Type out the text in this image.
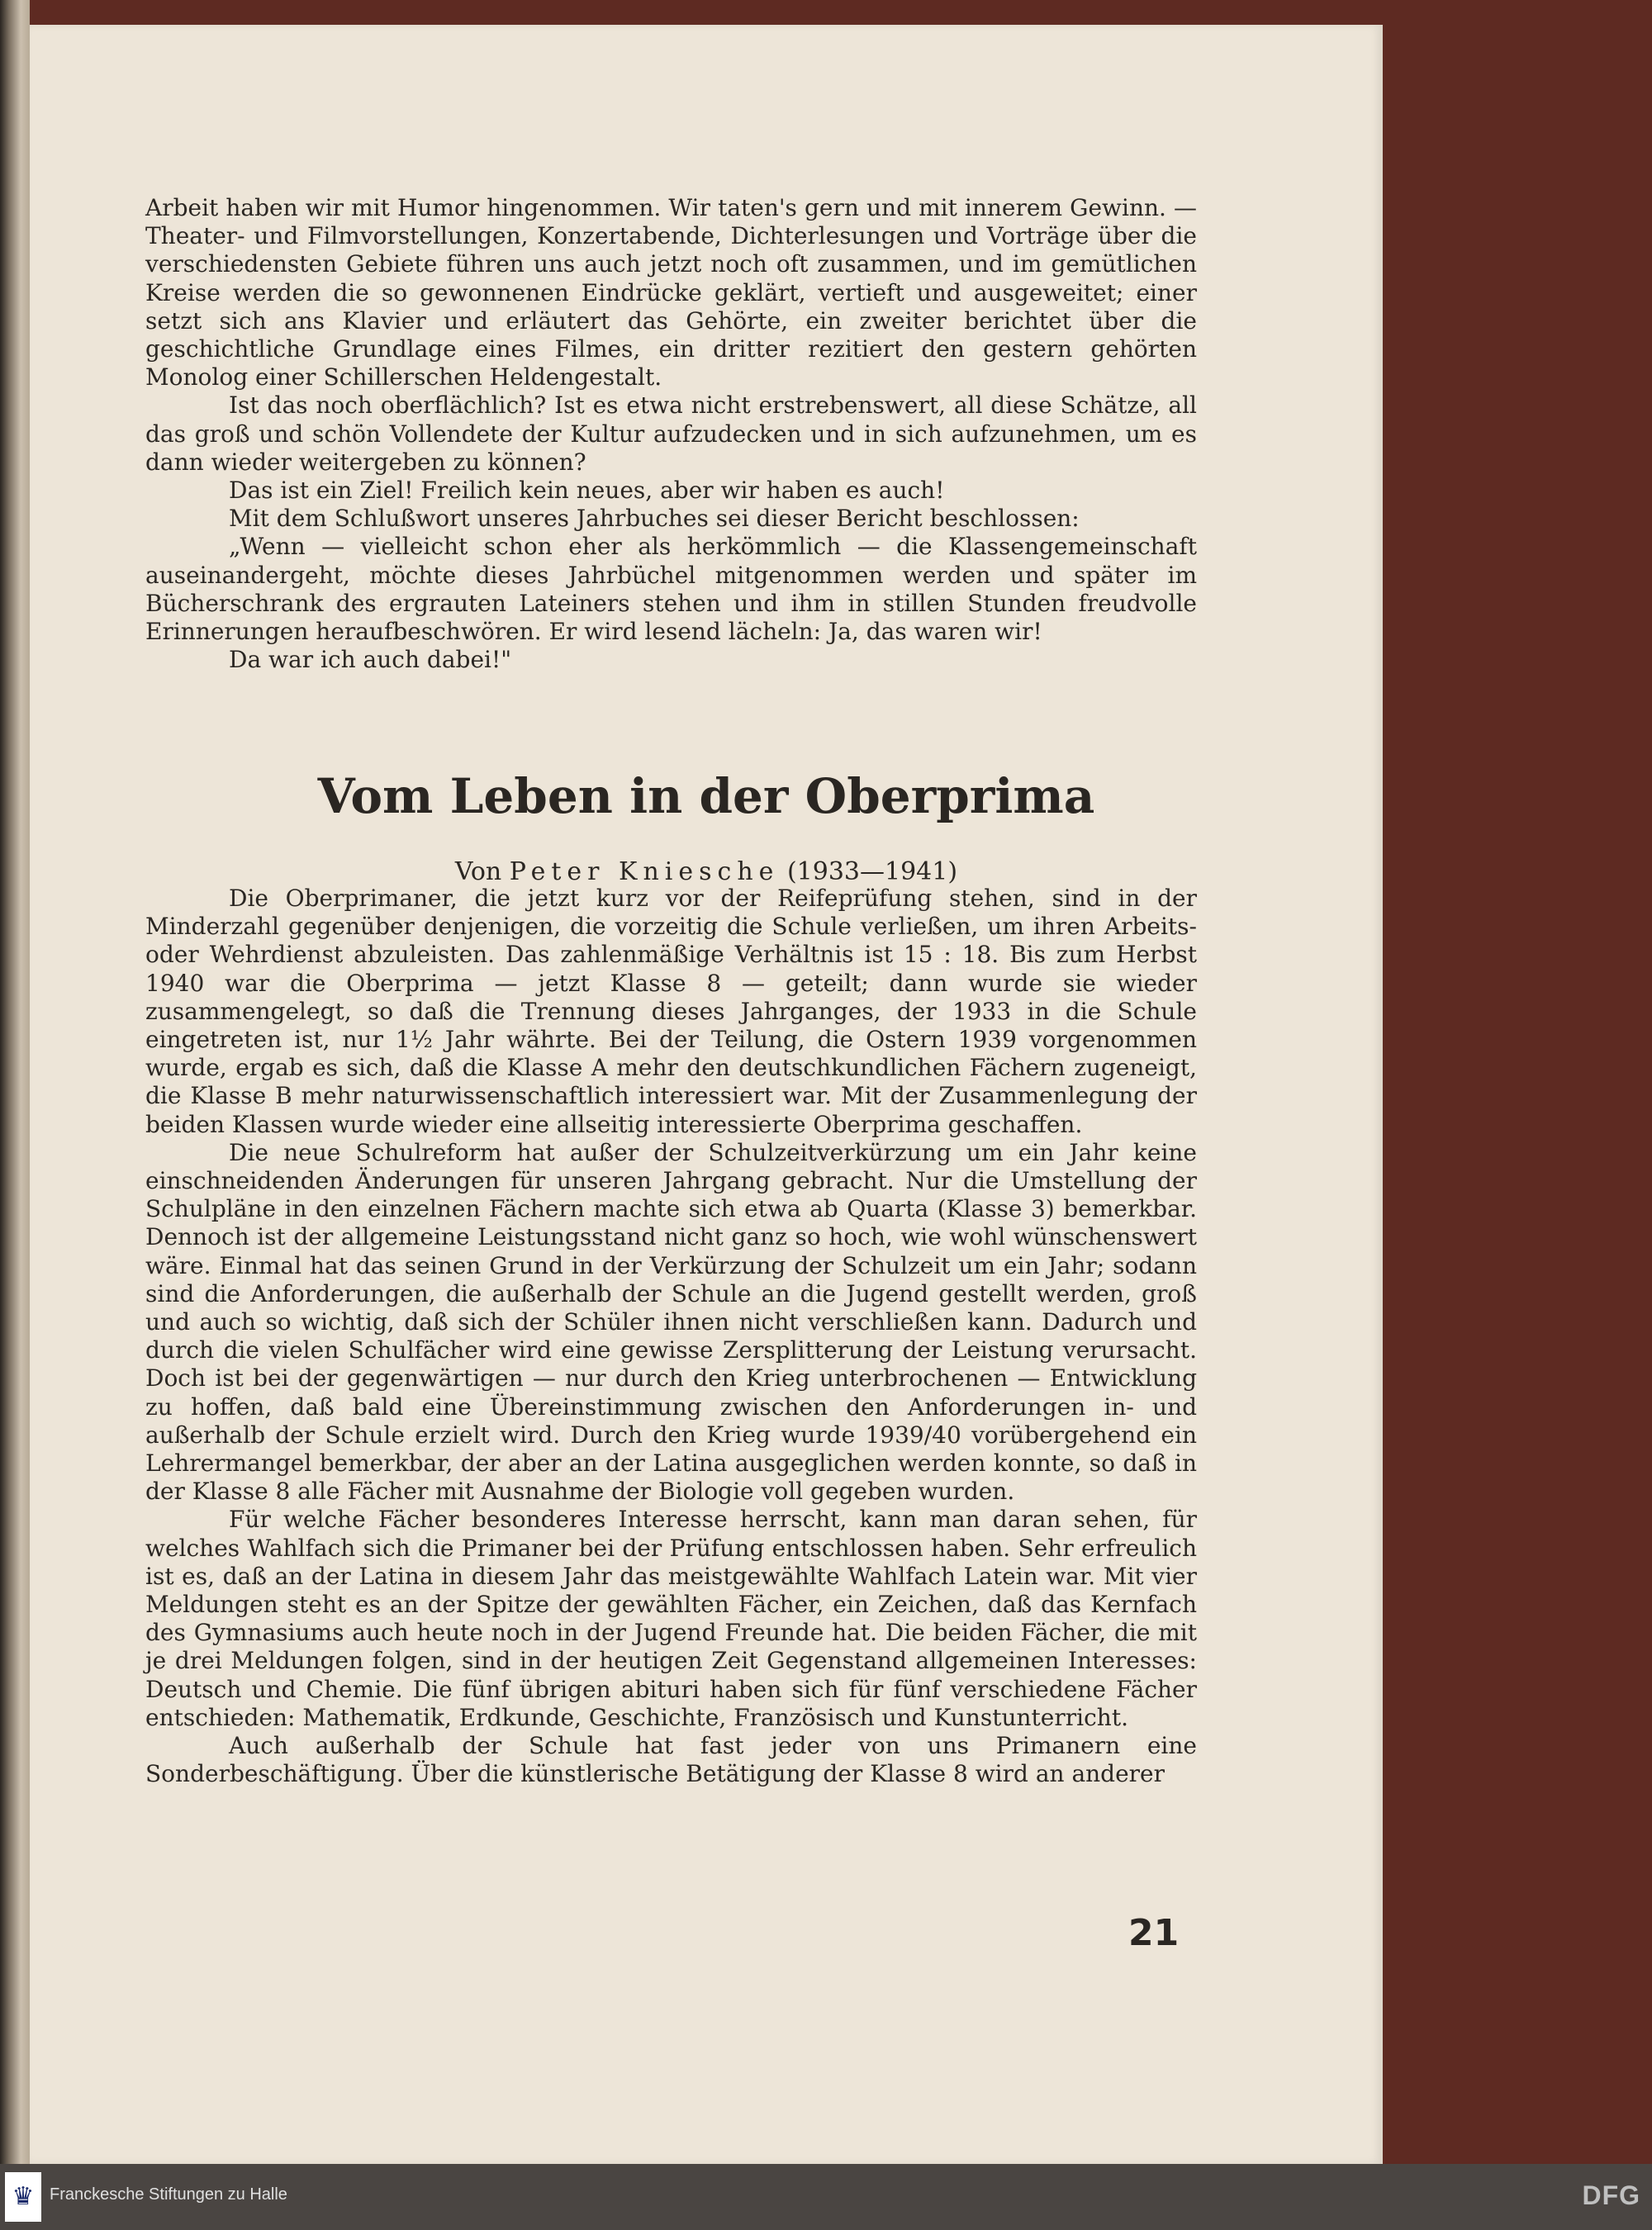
Arbeit haben wir mit Humor hingenommen. Wir taten's gern und mit innerem Gewinn. — Theater- und Filmvorstellungen, Konzertabende, Dichterlesungen und Vorträge über die verschiedensten Gebiete führen uns auch jetzt noch oft zusammen, und im gemütlichen Kreise werden die so gewonnenen Eindrücke geklärt, vertieft und ausgeweitet; einer setzt sich ans Klavier und erläutert das Gehörte, ein zweiter berichtet über die geschichtliche Grundlage eines Filmes, ein dritter rezitiert den gestern gehörten Monolog einer Schillerschen Heldengestalt.

Ist das noch oberflächlich? Ist es etwa nicht erstrebenswert, all diese Schätze, all das groß und schön Vollendete der Kultur aufzudecken und in sich aufzunehmen, um es dann wieder weitergeben zu können?

Das ist ein Ziel! Freilich kein neues, aber wir haben es auch!

Mit dem Schlußwort unseres Jahrbuches sei dieser Bericht beschlossen:

„Wenn — vielleicht schon eher als herkömmlich — die Klassengemeinschaft auseinandergeht, möchte dieses Jahrbüchel mitgenommen werden und später im Bücherschrank des ergrauten Lateiners stehen und ihm in stillen Stunden freudvolle Erinnerungen heraufbeschwören. Er wird lesend lächeln: Ja, das waren wir!

Da war ich auch dabei!"

Vom Leben in der Oberprima
Von Peter Kniesche (1933—1941)

Die Oberprimaner, die jetzt kurz vor der Reifeprüfung stehen, sind in der Minderzahl gegenüber denjenigen, die vorzeitig die Schule verließen, um ihren Arbeits- oder Wehrdienst abzuleisten. Das zahlenmäßige Verhältnis ist 15 : 18. Bis zum Herbst 1940 war die Oberprima — jetzt Klasse 8 — geteilt; dann wurde sie wieder zusammengelegt, so daß die Trennung dieses Jahrganges, der 1933 in die Schule eingetreten ist, nur 1½ Jahr währte. Bei der Teilung, die Ostern 1939 vorgenommen wurde, ergab es sich, daß die Klasse A mehr den deutschkundlichen Fächern zugeneigt, die Klasse B mehr naturwissenschaftlich interessiert war. Mit der Zusammenlegung der beiden Klassen wurde wieder eine allseitig interessierte Oberprima geschaffen.

Die neue Schulreform hat außer der Schulzeitverkürzung um ein Jahr keine einschneidenden Änderungen für unseren Jahrgang gebracht. Nur die Umstellung der Schulpläne in den einzelnen Fächern machte sich etwa ab Quarta (Klasse 3) bemerkbar. Dennoch ist der allgemeine Leistungsstand nicht ganz so hoch, wie wohl wünschenswert wäre. Einmal hat das seinen Grund in der Verkürzung der Schulzeit um ein Jahr; sodann sind die Anforderungen, die außerhalb der Schule an die Jugend gestellt werden, groß und auch so wichtig, daß sich der Schüler ihnen nicht verschließen kann. Dadurch und durch die vielen Schulfächer wird eine gewisse Zersplitterung der Leistung verursacht. Doch ist bei der gegenwärtigen — nur durch den Krieg unterbrochenen — Entwicklung zu hoffen, daß bald eine Übereinstimmung zwischen den Anforderungen in- und außerhalb der Schule erzielt wird. Durch den Krieg wurde 1939/40 vorübergehend ein Lehrermangel bemerkbar, der aber an der Latina ausgeglichen werden konnte, so daß in der Klasse 8 alle Fächer mit Ausnahme der Biologie voll gegeben wurden.

Für welche Fächer besonderes Interesse herrscht, kann man daran sehen, für welches Wahlfach sich die Primaner bei der Prüfung entschlossen haben. Sehr erfreulich ist es, daß an der Latina in diesem Jahr das meistgewählte Wahlfach Latein war. Mit vier Meldungen steht es an der Spitze der gewählten Fächer, ein Zeichen, daß das Kernfach des Gymnasiums auch heute noch in der Jugend Freunde hat. Die beiden Fächer, die mit je drei Meldungen folgen, sind in der heutigen Zeit Gegenstand allgemeinen Interesses: Deutsch und Chemie. Die fünf übrigen abituri haben sich für fünf verschiedene Fächer entschieden: Mathematik, Erdkunde, Geschichte, Französisch und Kunstunterricht.

Auch außerhalb der Schule hat fast jeder von uns Primanern eine Sonderbeschäftigung. Über die künstlerische Betätigung der Klasse 8 wird an anderer

21
♛ Franckesche Stiftungen zu Halle	DFG
